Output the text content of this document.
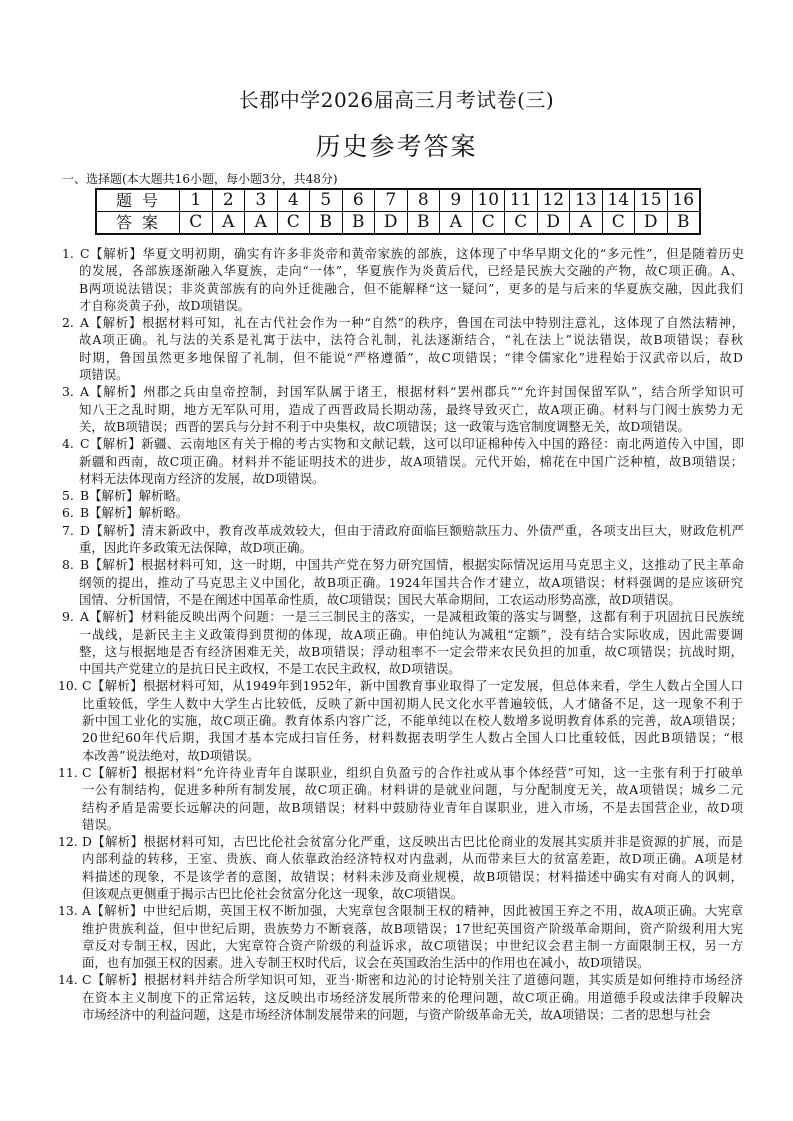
长郡中学2026届高三月考试卷(三)
历史参考答案
一、选择题(本大题共16小题，每小题3分，共48分)
题号	1	2	3	4	5	6	7	8	9	10	11	12	13	14	15	16
答案	C	A	A	C	B	B	D	B	A	C	C	D	A	C	D	B
1. C【解析】华夏文明初期，确实有许多非炎帝和黄帝家族的部族，这体现了中华早期文化的“多元性”，但是随着历史
的发展，各部族逐渐融入华夏族，走向“一体”，华夏族作为炎黄后代，已经是民族大交融的产物，故C项正确。A、
B两项说法错误；非炎黄部族有的向外迁徙融合，但不能解释“这一疑问”，更多的是与后来的华夏族交融，因此我们
才自称炎黄子孙，故D项错误。
2. A【解析】根据材料可知，礼在古代社会作为一种“自然”的秩序，鲁国在司法中特别注意礼，这体现了自然法精神，
故A项正确。礼与法的关系是礼寓于法中，法符合礼制，礼法逐渐结合，“礼在法上”说法错误，故B项错误；春秋
时期，鲁国虽然更多地保留了礼制，但不能说“严格遵循”，故C项错误；“律令儒家化”进程始于汉武帝以后，故D
项错误。
3. A【解析】州郡之兵由皇帝控制，封国军队属于诸王，根据材料“罢州郡兵”“允许封国保留军队”，结合所学知识可
知八王之乱时期，地方无军队可用，造成了西晋政局长期动荡，最终导致灭亡，故A项正确。材料与门阀士族势力无
关，故B项错误；西晋的罢兵与分封不利于中央集权，故C项错误；这一政策与选官制度调整无关，故D项错误。
4. C【解析】新疆、云南地区有关于棉的考古实物和文献记载，这可以印证棉种传入中国的路径：南北两道传入中国，即
新疆和西南，故C项正确。材料并不能证明技术的进步，故A项错误。元代开始，棉花在中国广泛种植，故B项错误；
材料无法体现南方经济的发展，故D项错误。
5. B【解析】解析略。
6. B【解析】解析略。
7. D【解析】清末新政中，教育改革成效较大，但由于清政府面临巨额赔款压力、外债严重，各项支出巨大，财政危机严
重，因此许多政策无法保障，故D项正确。
8. B【解析】根据材料可知，这一时期，中国共产党在努力研究国情，根据实际情况运用马克思主义，这推动了民主革命
纲领的提出，推动了马克思主义中国化，故B项正确。1924年国共合作才建立，故A项错误；材料强调的是应该研究
国情、分析国情，不是在阐述中国革命性质，故C项错误；国民大革命期间，工农运动形势高涨，故D项错误。
9. A【解析】材料能反映出两个问题：一是三三制民主的落实，一是减租政策的落实与调整，这都有利于巩固抗日民族统
一战线，是新民主主义政策得到贯彻的体现，故A项正确。申伯纯认为减租“定额”，没有结合实际收成，因此需要调
整，这与根据地是否有经济困难无关，故B项错误；浮动租率不一定会带来农民负担的加重，故C项错误；抗战时期，
中国共产党建立的是抗日民主政权，不是工农民主政权，故D项错误。
10. C【解析】根据材料可知，从1949年到1952年，新中国教育事业取得了一定发展，但总体来看，学生人数占全国人口
比重较低，学生人数中大学生占比较低，反映了新中国初期人民文化水平普遍较低，人才储备不足，这一现象不利于
新中国工业化的实施，故C项正确。教育体系内容广泛，不能单纯以在校人数增多说明教育体系的完善，故A项错误；
20世纪60年代后期，我国才基本完成扫盲任务，材料数据表明学生人数占全国人口比重较低，因此B项错误；“根
本改善”说法绝对，故D项错误。
11. C【解析】根据材料“允许待业青年自谋职业，组织自负盈亏的合作社或从事个体经营”可知，这一主张有利于打破单
一公有制结构，促进多种所有制发展，故C项正确。材料讲的是就业问题，与分配制度无关，故A项错误；城乡二元
结构矛盾是需要长远解决的问题，故B项错误；材料中鼓励待业青年自谋职业，进入市场，不是去国营企业，故D项
错误。
12. D【解析】根据材料可知，古巴比伦社会贫富分化严重，这反映出古巴比伦商业的发展其实质并非是资源的扩展，而是
内部利益的转移，王室、贵族、商人依靠政治经济特权对内盘剥，从而带来巨大的贫富差距，故D项正确。A项是材
料描述的现象，不是该学者的意图，故错误；材料未涉及商业规模，故B项错误；材料描述中确实有对商人的讽刺，
但该观点更侧重于揭示古巴比伦社会贫富分化这一现象，故C项错误。
13. A【解析】中世纪后期，英国王权不断加强，大宪章包含限制王权的精神，因此被国王弃之不用，故A项正确。大宪章
维护贵族利益，但中世纪后期，贵族势力不断衰落，故B项错误；17世纪英国资产阶级革命期间，资产阶级利用大宪
章反对专制王权，因此，大宪章符合资产阶级的利益诉求，故C项错误；中世纪议会君主制一方面限制王权，另一方
面，也有加强王权的因素。进入专制王权时代后，议会在英国政治生活中的作用也在减小，故D项错误。
14. C【解析】根据材料并结合所学知识可知，亚当·斯密和边沁的讨论特别关注了道德问题，其实质是如何维持市场经济
在资本主义制度下的正常运转，这反映出市场经济发展所带来的伦理问题，故C项正确。用道德手段或法律手段解决
市场经济中的利益问题，这是市场经济体制发展带来的问题，与资产阶级革命无关，故A项错误；二者的思想与社会
